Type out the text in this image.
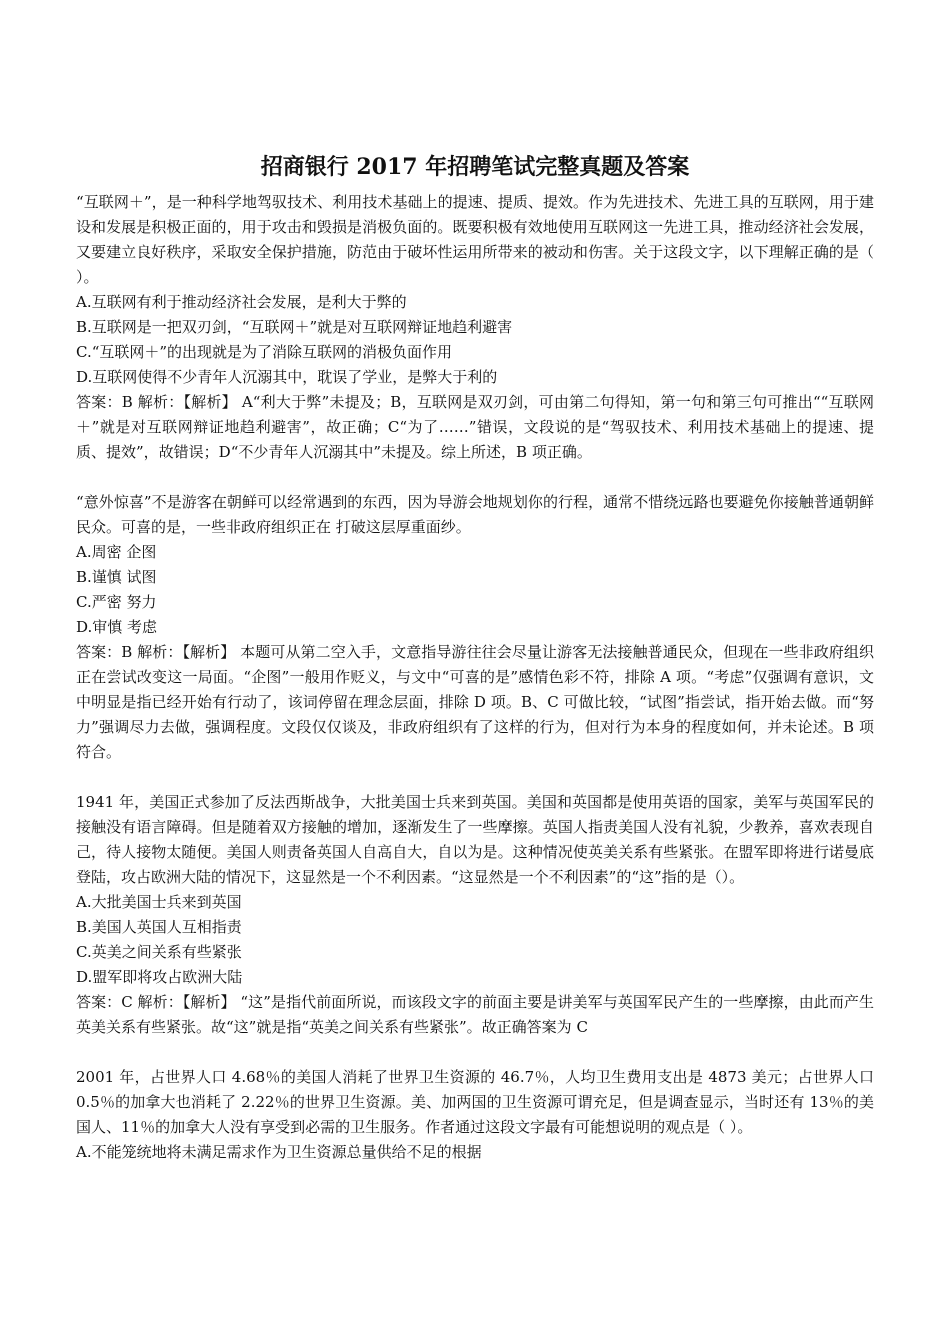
招商银行 2017 年招聘笔试完整真题及答案

“互联网＋”，是一种科学地驾驭技术、利用技术基础上的提速、提质、提效。作为先进技术、先进工具的互联网，用于建设和发展是积极正面的，用于攻击和毁损是消极负面的。既要积极有效地使用互联网这一先进工具，推动经济社会发展，又要建立良好秩序，采取安全保护措施，防范由于破坏性运用所带来的被动和伤害。关于这段文字，以下理解正确的是（ ）。

A.互联网有利于推动经济社会发展，是利大于弊的

B.互联网是一把双刃剑，“互联网＋”就是对互联网辩证地趋利避害

C.“互联网＋”的出现就是为了消除互联网的消极负面作用

D.互联网使得不少青年人沉溺其中，耽误了学业，是弊大于利的

答案：B 解析：【解析】 A“利大于弊”未提及；B，互联网是双刃剑，可由第二句得知，第一句和第三句可推出““互联网＋”就是对互联网辩证地趋利避害”，故正确；C“为了……”错误，文段说的是“驾驭技术、利用技术基础上的提速、提质、提效”，故错误；D“不少青年人沉溺其中”未提及。综上所述，B 项正确。

“意外惊喜”不是游客在朝鲜可以经常遇到的东西，因为导游会地规划你的行程，通常不惜绕远路也要避免你接触普通朝鲜民众。可喜的是，一些非政府组织正在 打破这层厚重面纱。

A.周密 企图

B.谨慎 试图

C.严密 努力

D.审慎 考虑

答案：B 解析：【解析】 本题可从第二空入手，文意指导游往往会尽量让游客无法接触普通民众，但现在一些非政府组织正在尝试改变这一局面。“企图”一般用作贬义，与文中“可喜的是”感情色彩不符，排除 A 项。“考虑”仅强调有意识，文中明显是指已经开始有行动了，该词停留在理念层面，排除 D 项。B、C 可做比较，“试图”指尝试，指开始去做。而“努力”强调尽力去做，强调程度。文段仅仅谈及，非政府组织有了这样的行为，但对行为本身的程度如何，并未论述。B 项符合。

1941 年，美国正式参加了反法西斯战争，大批美国士兵来到英国。美国和英国都是使用英语的国家，美军与英国军民的接触没有语言障碍。但是随着双方接触的增加，逐渐发生了一些摩擦。英国人指责美国人没有礼貌，少教养，喜欢表现自己，待人接物太随便。美国人则责备英国人自高自大，自以为是。这种情况使英美关系有些紧张。在盟军即将进行诺曼底登陆，攻占欧洲大陆的情况下，这显然是一个不利因素。“这显然是一个不利因素”的“这”指的是（）。

A.大批美国士兵来到英国

B.美国人英国人互相指责

C.英美之间关系有些紧张

D.盟军即将攻占欧洲大陆

答案：C 解析：【解析】 “这”是指代前面所说，而该段文字的前面主要是讲美军与英国军民产生的一些摩擦，由此而产生英美关系有些紧张。故“这”就是指“英美之间关系有些紧张”。故正确答案为 C

2001 年，占世界人口 4.68％的美国人消耗了世界卫生资源的 46.7％，人均卫生费用支出是 4873 美元；占世界人口 0.5％的加拿大也消耗了 2.22％的世界卫生资源。美、加两国的卫生资源可谓充足，但是调查显示，当时还有 13％的美国人、11％的加拿大人没有享受到必需的卫生服务。作者通过这段文字最有可能想说明的观点是（ ）。

A.不能笼统地将未满足需求作为卫生资源总量供给不足的根据
